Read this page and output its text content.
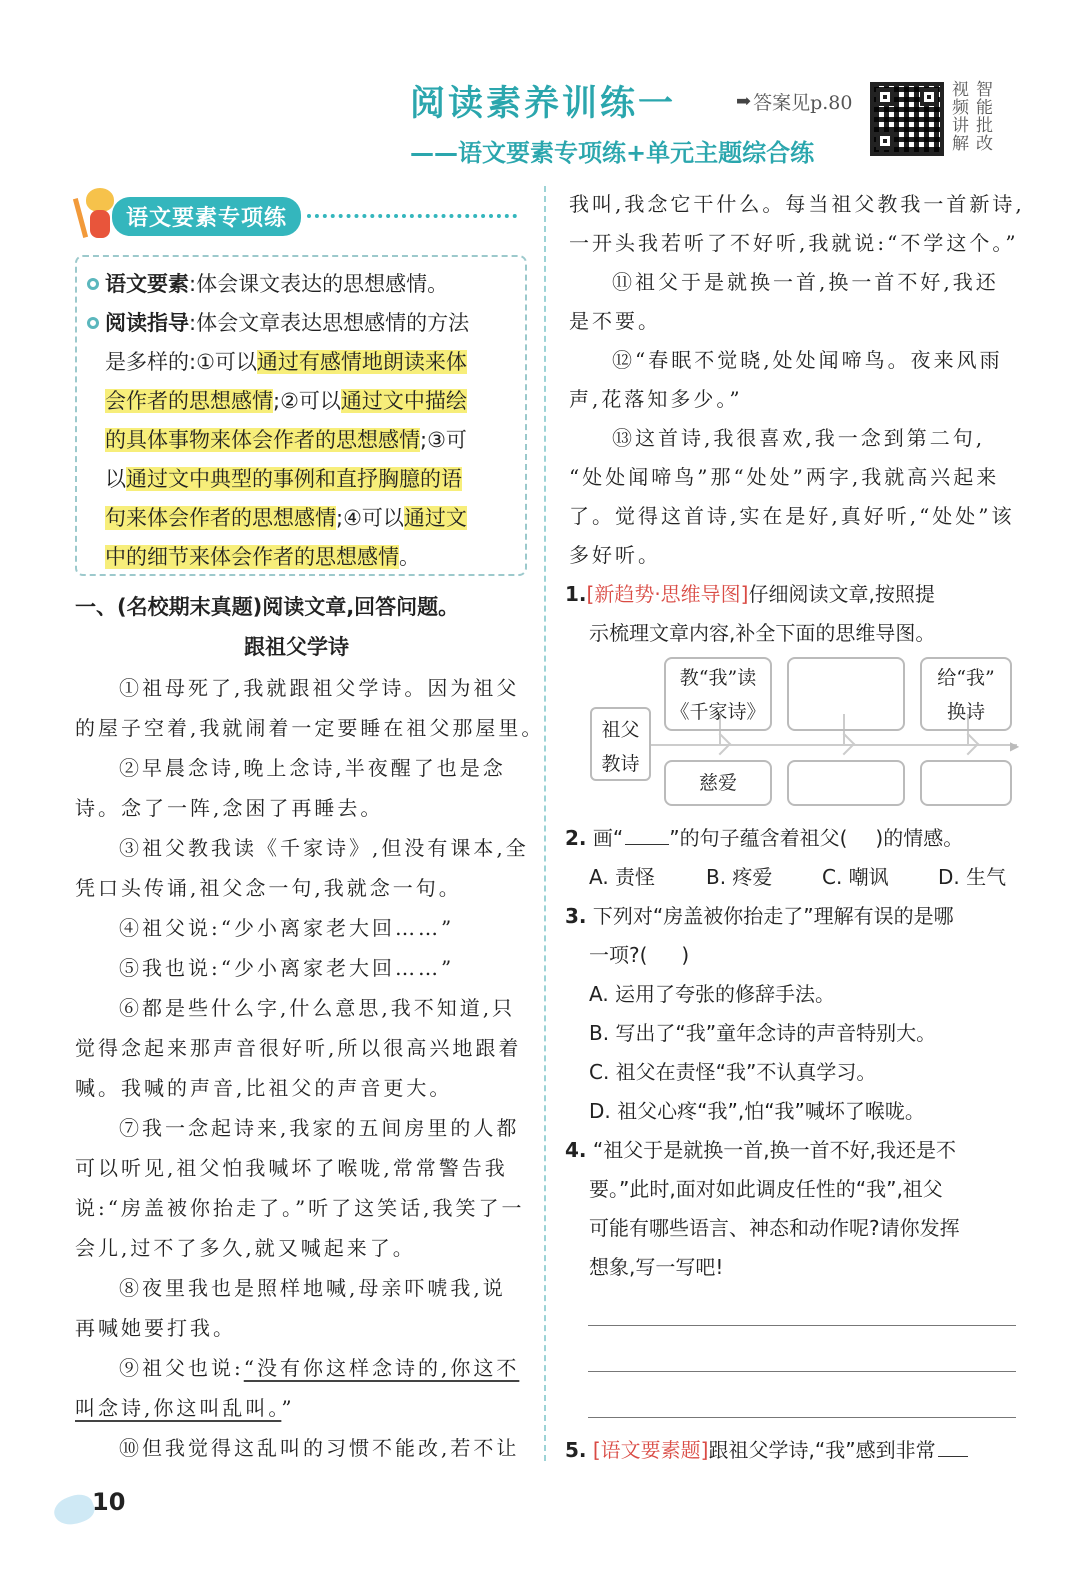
阅读素养训练一
——语文要素专项练+单元主题综合练
➡ 答案见p.80	视频讲解 智能批改
语文要素专项练
语文要素:体会课文表达的思想感情。
阅读指导:体会文章表达思想感情的方法
是多样的:①可以通过有感情地朗读来体
会作者的思想感情;②可以通过文中描绘
的具体事物来体会作者的思想感情;③可
以通过文中典型的事例和直抒胸臆的语
句来体会作者的思想感情;④可以通过文
中的细节来体会作者的思想感情。
一、(名校期末真题)阅读文章,回答问题。
跟祖父学诗
①祖母死了,我就跟祖父学诗。因为祖父
的屋子空着,我就闹着一定要睡在祖父那屋里。
②早晨念诗,晚上念诗,半夜醒了也是念
诗。念了一阵,念困了再睡去。
③祖父教我读《千家诗》,但没有课本,全
凭口头传诵,祖父念一句,我就念一句。
④祖父说:“少小离家老大回……”
⑤我也说:“少小离家老大回……”
⑥都是些什么字,什么意思,我不知道,只
觉得念起来那声音很好听,所以很高兴地跟着
喊。我喊的声音,比祖父的声音更大。
⑦我一念起诗来,我家的五间房里的人都
可以听见,祖父怕我喊坏了喉咙,常常警告我
说:“房盖被你抬走了。”听了这笑话,我笑了一
会儿,过不了多久,就又喊起来了。
⑧夜里我也是照样地喊,母亲吓唬我,说
再喊她要打我。
⑨祖父也说:“没有你这样念诗的,你这不
叫念诗,你这叫乱叫。”
⑩但我觉得这乱叫的习惯不能改,若不让
我叫,我念它干什么。每当祖父教我一首新诗,
一开头我若听了不好听,我就说:“不学这个。”
⑪祖父于是就换一首,换一首不好,我还
是不要。
⑫“春眠不觉晓,处处闻啼鸟。夜来风雨
声,花落知多少。”
⑬这首诗,我很喜欢,我一念到第二句,
“处处闻啼鸟”那“处处”两字,我就高兴起来
了。觉得这首诗,实在是好,真好听,“处处”该
多好听。
1.[新趋势·思维导图]仔细阅读文章,按照提
示梳理文章内容,补全下面的思维导图。
祖父
教诗
▶
教“我”读
《千家诗》
给“我”
换诗
慈爱
2. 画“ ”的句子蕴含着祖父( )的情感。
A. 责怪	B. 疼爱 C. 嘲讽 D. 生气
3. 下列对“房盖被你抬走了”理解有误的是哪
一项?( )
A. 运用了夸张的修辞手法。
B. 写出了“我”童年念诗的声音特别大。
C. 祖父在责怪“我”不认真学习。
D. 祖父心疼“我”,怕“我”喊坏了喉咙。
4. “祖父于是就换一首,换一首不好,我还是不
要。”此时,面对如此调皮任性的“我”,祖父
可能有哪些语言、神态和动作呢?请你发挥
想象,写一写吧!
5. [语文要素题]跟祖父学诗,“我”感到非常
10
